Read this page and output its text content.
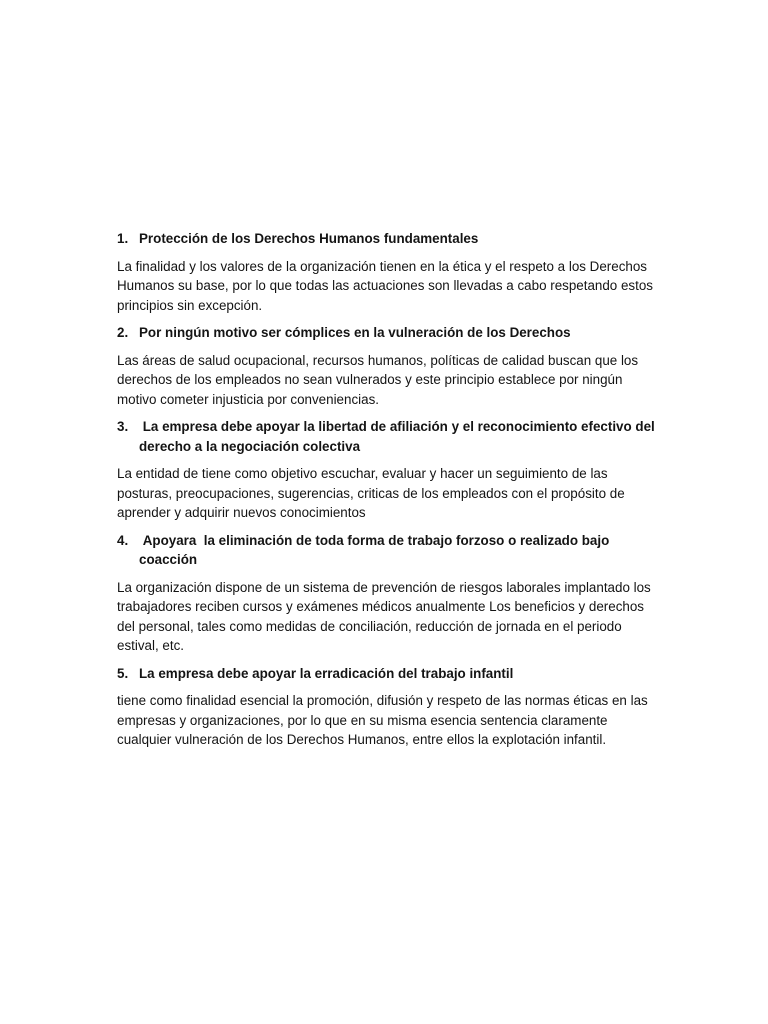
1. Protección de los Derechos Humanos fundamentales

La finalidad y los valores de la organización tienen en la ética y el respeto a los Derechos Humanos su base, por lo que todas las actuaciones son llevadas a cabo respetando estos principios sin excepción.

2. Por ningún motivo ser cómplices en la vulneración de los Derechos

Las áreas de salud ocupacional, recursos humanos, políticas de calidad buscan que los derechos de los empleados no sean vulnerados y este principio establece por ningún motivo cometer injusticia por conveniencias.

3. La empresa debe apoyar la libertad de afiliación y el reconocimiento efectivo del derecho a la negociación colectiva

La entidad de tiene como objetivo escuchar, evaluar y hacer un seguimiento de las posturas, preocupaciones, sugerencias, criticas de los empleados con el propósito de aprender y adquirir nuevos conocimientos

4. Apoyara  la eliminación de toda forma de trabajo forzoso o realizado bajo coacción

La organización dispone de un sistema de prevención de riesgos laborales implantado los trabajadores reciben cursos y exámenes médicos anualmente Los beneficios y derechos del personal, tales como medidas de conciliación, reducción de jornada en el periodo estival, etc.

5. La empresa debe apoyar la erradicación del trabajo infantil

tiene como finalidad esencial la promoción, difusión y respeto de las normas éticas en las empresas y organizaciones, por lo que en su misma esencia sentencia claramente cualquier vulneración de los Derechos Humanos, entre ellos la explotación infantil.
